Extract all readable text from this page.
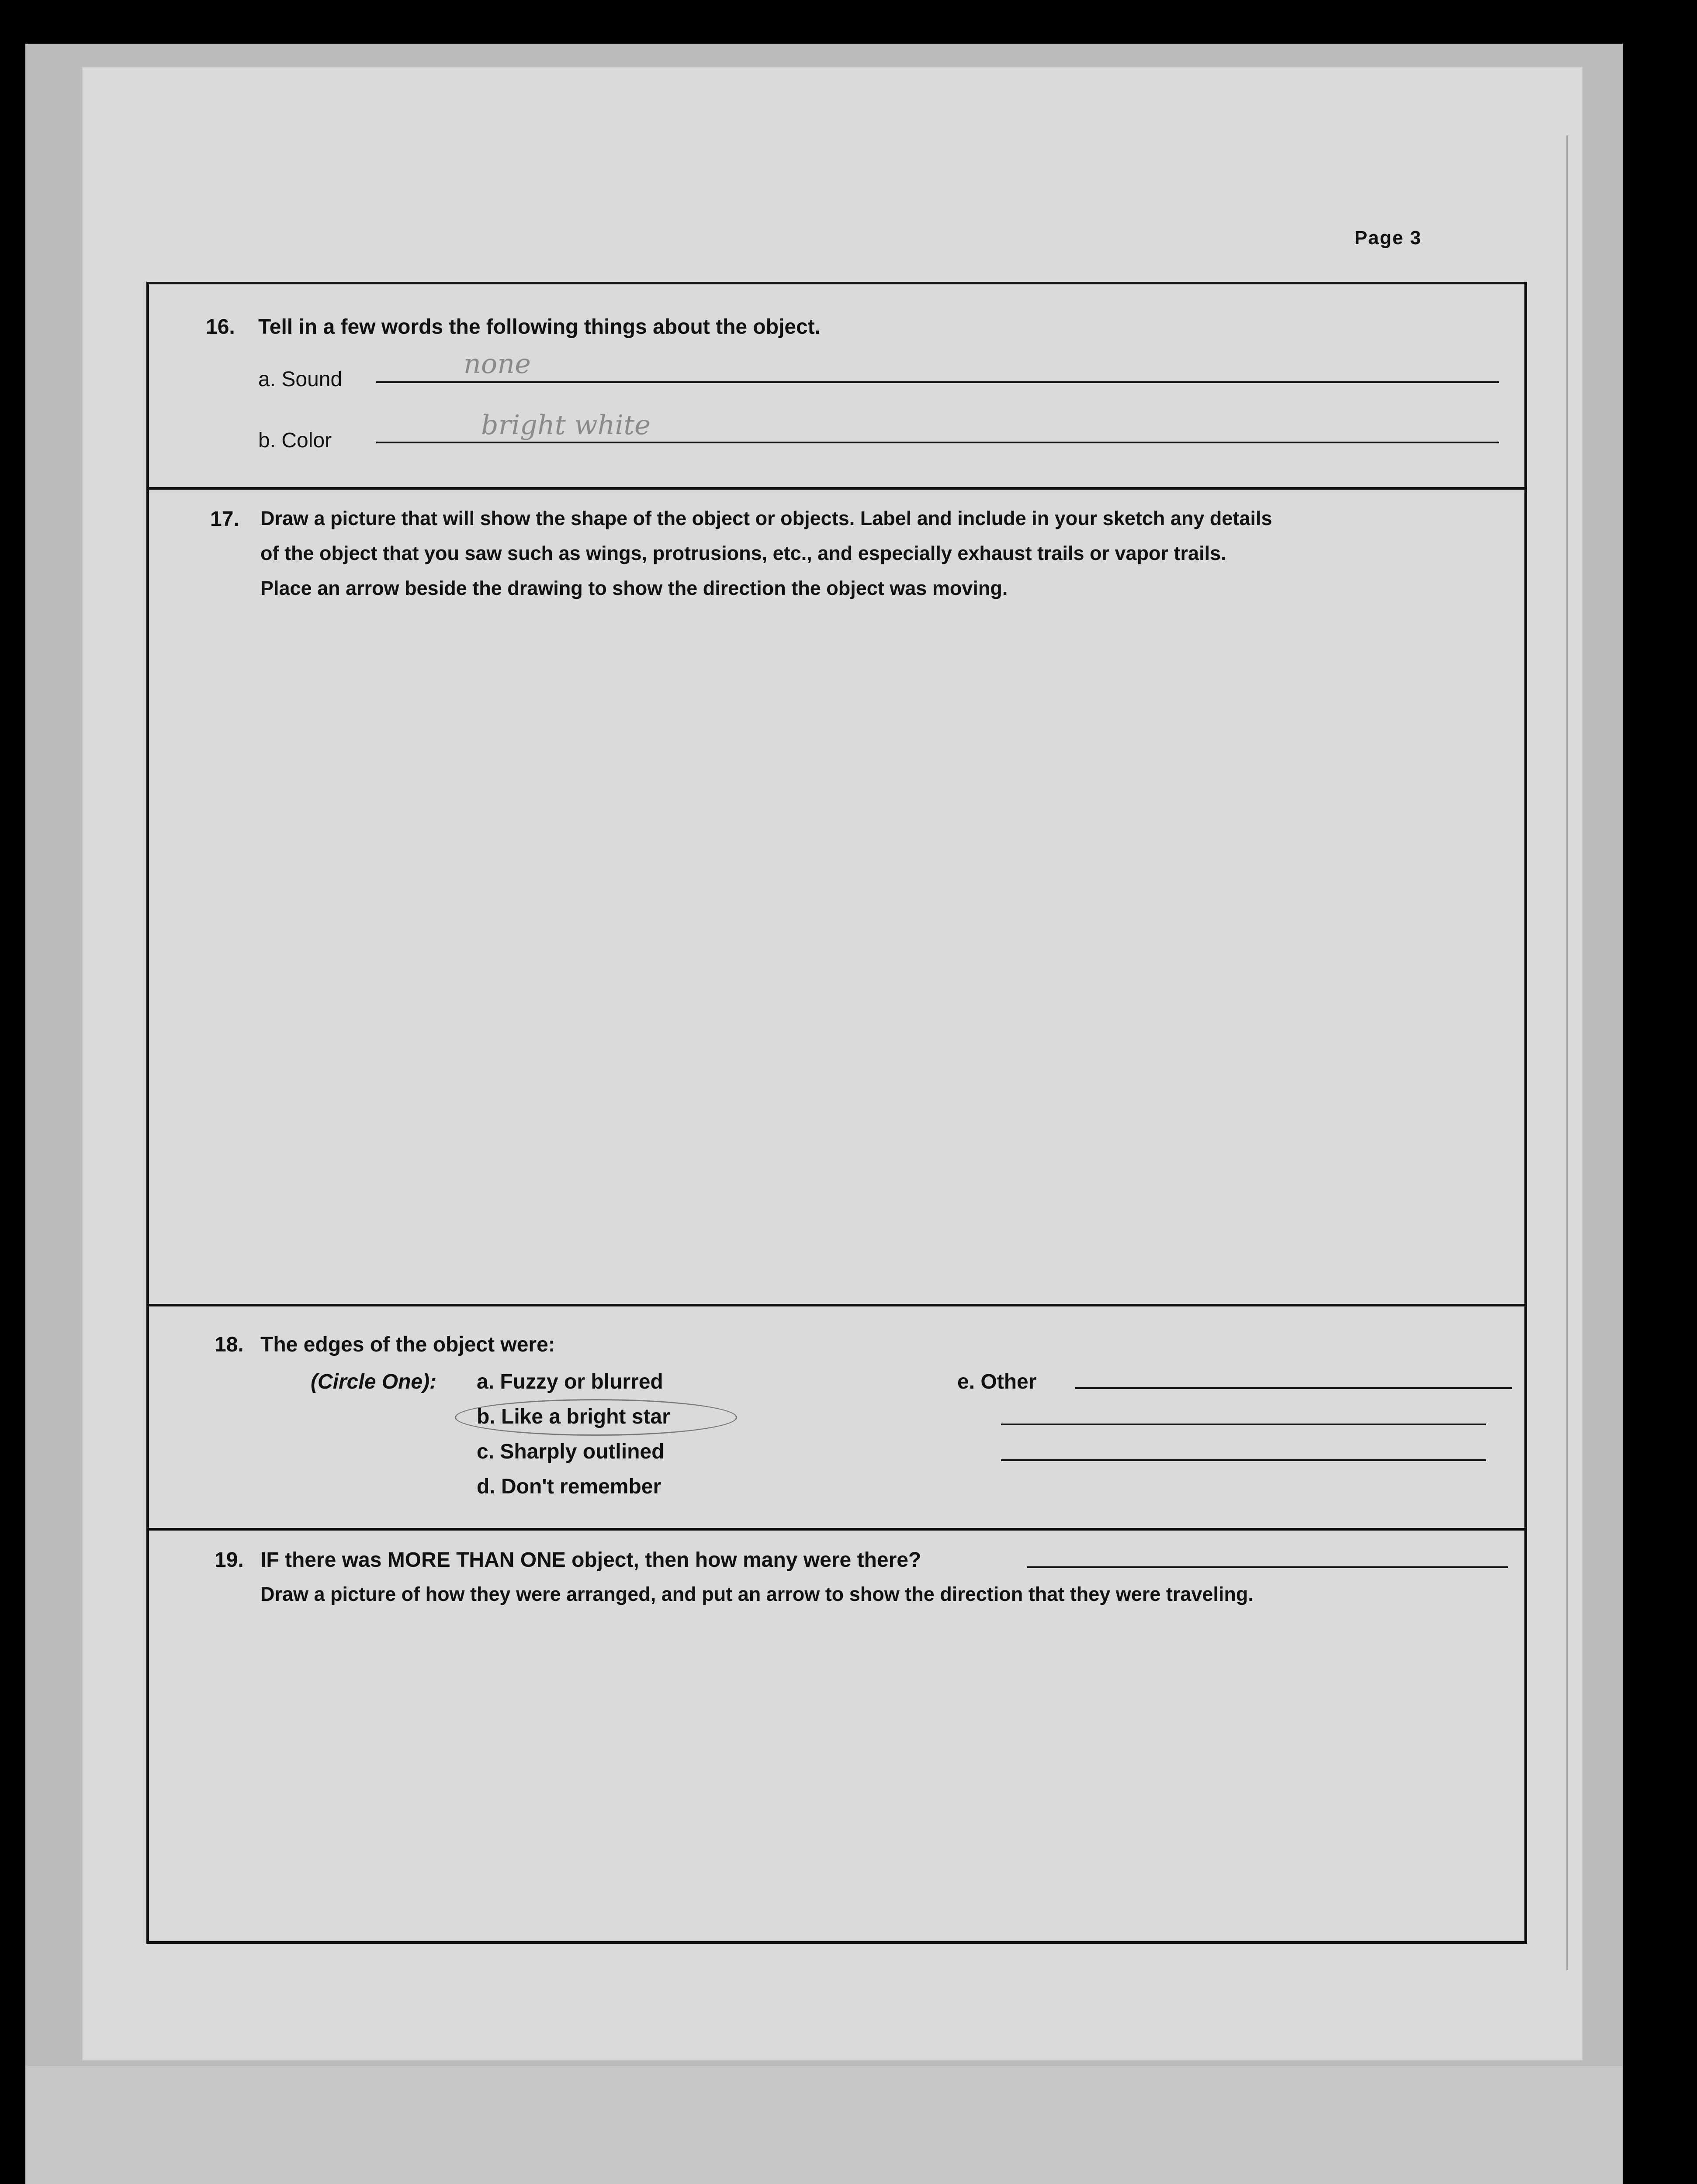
Page 3
16. Tell in a few words the following things about the object.
a. Sound	none
b. Color	bright white
17. Draw a picture that will show the shape of the object or objects. Label and include in your sketch any details
of the object that you saw such as wings, protrusions, etc., and especially exhaust trails or vapor trails.
Place an arrow beside the drawing to show the direction the object was moving.
18. The edges of the object were:
(Circle One): a. Fuzzy or blurred
b. Like a bright star
c. Sharply outlined
d. Don't remember
e. Other
19. IF there was MORE THAN ONE object, then how many were there?
Draw a picture of how they were arranged, and put an arrow to show the direction that they were traveling.
